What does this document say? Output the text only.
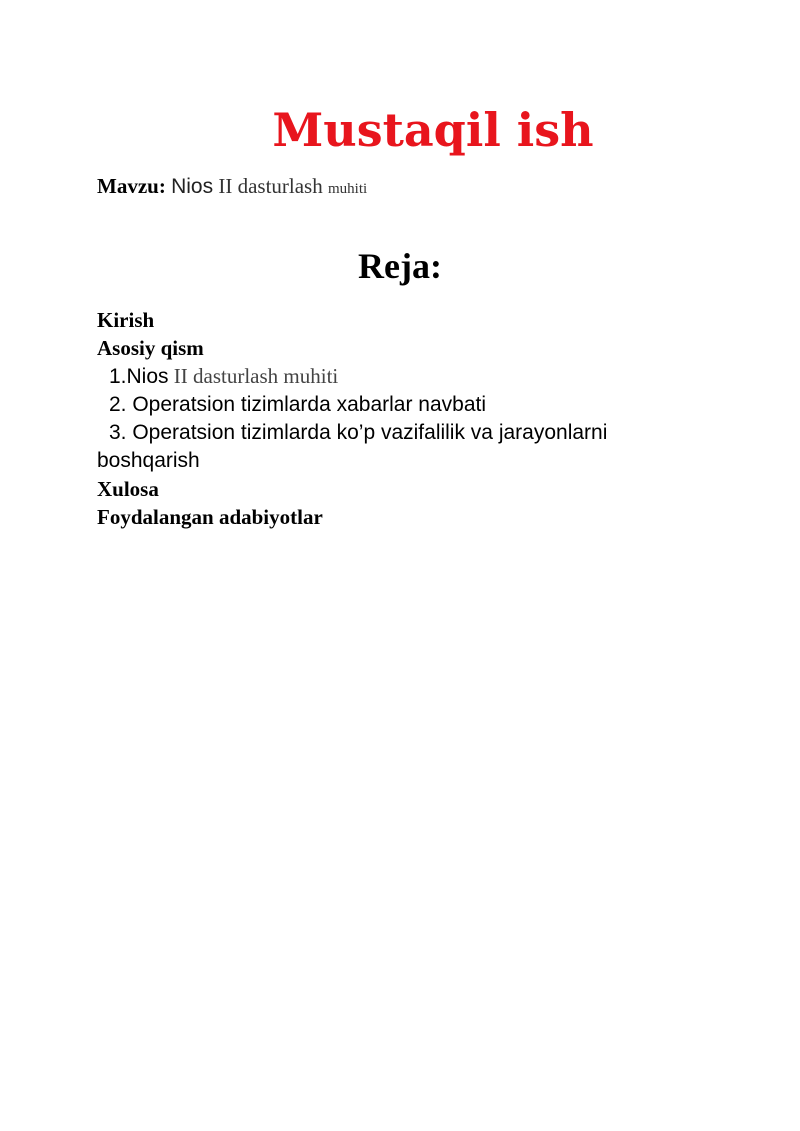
Mustaqil ish
Mavzu: Nios II dasturlash muhiti
Reja:

Kirish

Asosiy qism

1.Nios II dasturlash muhiti

2. Operatsion tizimlarda xabarlar navbati

3. Operatsion tizimlarda ko’p vazifalilik va jarayonlarni

boshqarish

Xulosa

Foydalangan adabiyotlar
